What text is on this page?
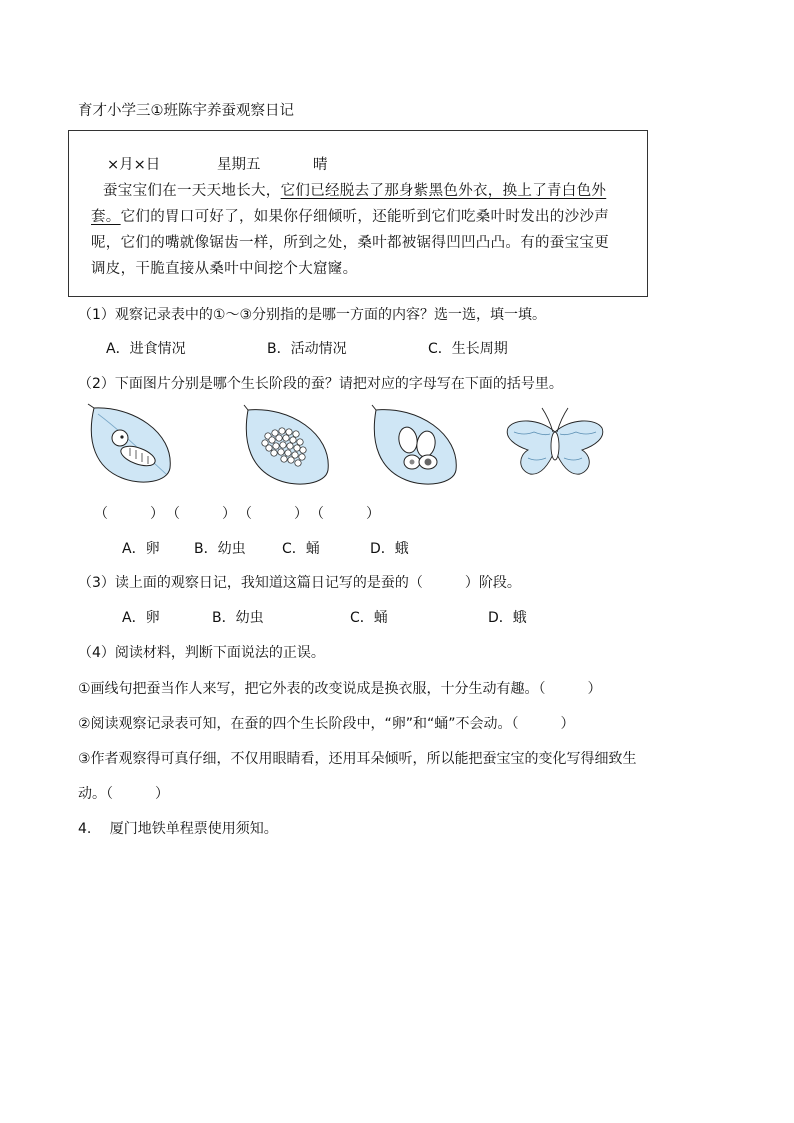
育才小学三①班陈宇养蚕观察日记
×月×日	星期五	晴
蚕宝宝们在一天天地长大，它们已经脱去了那身紫黑色外衣，换上了青白色外
套。它们的胃口可好了，如果你仔细倾听，还能听到它们吃桑叶时发出的沙沙声
呢，它们的嘴就像锯齿一样，所到之处，桑叶都被锯得凹凹凸凸。有的蚕宝宝更
调皮，干脆直接从桑叶中间挖个大窟窿。
（1）观察记录表中的①～③分别指的是哪一方面的内容？选一选，填一填。
A．进食情况	B．活动情况	C．生长周期
（2）下面图片分别是哪个生长阶段的蚕？请把对应的字母写在下面的括号里。
（　　　） （　　　） （　　　） （　　　）
A．卵 B．幼虫	C．蛹	D．蛾
（3）读上面的观察日记，我知道这篇日记写的是蚕的（　　　）阶段。
A．卵	B．幼虫	C．蛹	D．蛾
（4）阅读材料，判断下面说法的正误。
①画线句把蚕当作人来写，把它外表的改变说成是换衣服，十分生动有趣。（　　　）
②阅读观察记录表可知，在蚕的四个生长阶段中，“卵”和“蛹”不会动。（　　　）
③作者观察得可真仔细，不仅用眼睛看，还用耳朵倾听，所以能把蚕宝宝的变化写得细致生
动。（　　　）
4.　 厦门地铁单程票使用须知。
